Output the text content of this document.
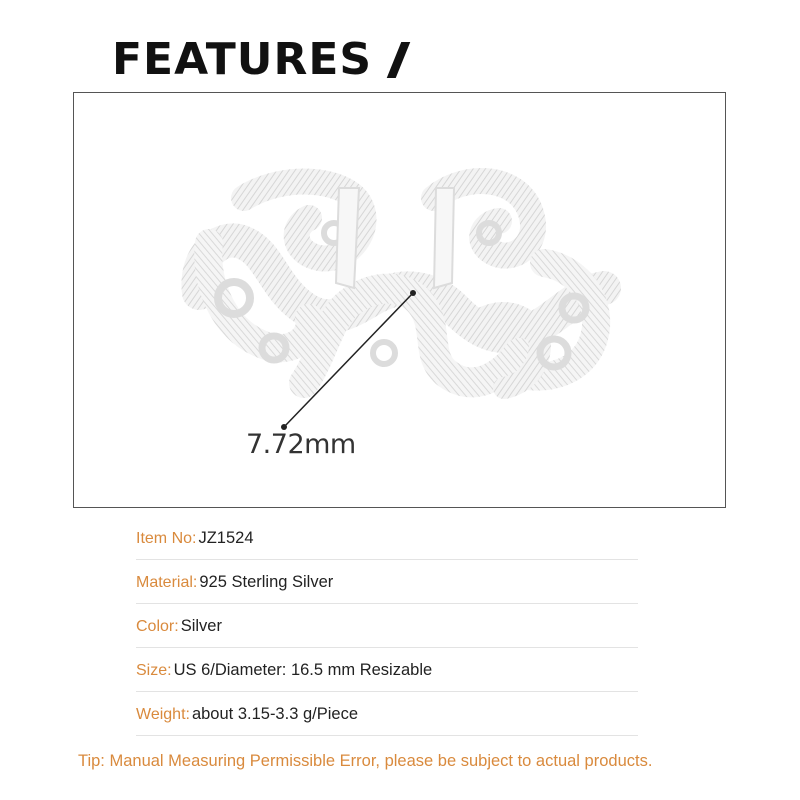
FEATURES
7.72mm
Item No: JZ1524
Material: 925 Sterling Silver
Color: Silver
Size: US 6/Diameter: 16.5 mm Resizable
Weight: about 3.15-3.3 g/Piece
Tip: Manual Measuring Permissible Error, please be subject to actual products.
